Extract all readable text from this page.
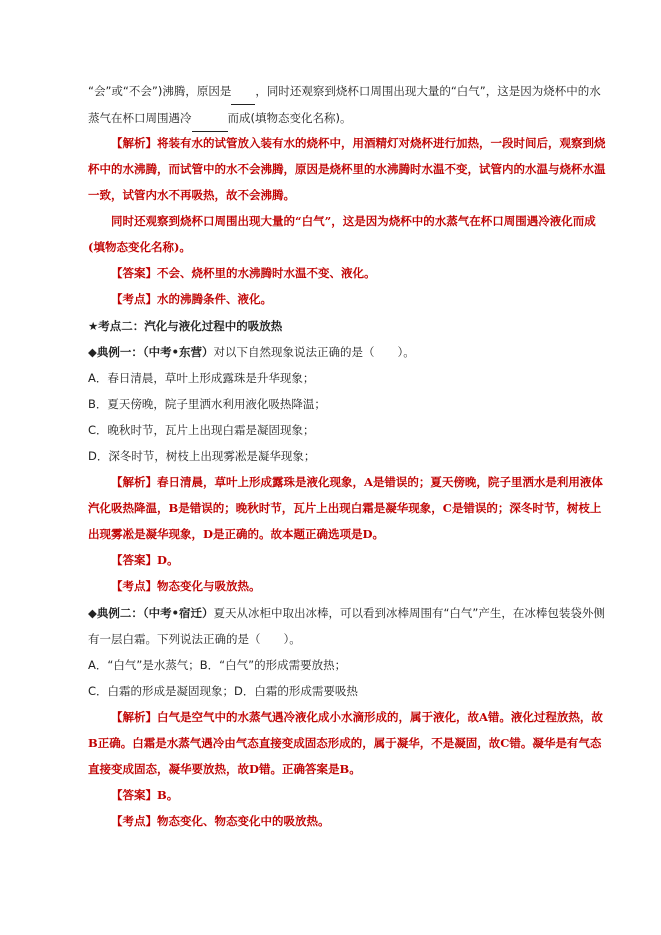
“会”或“不会”)沸腾，原因是 ，同时还观察到烧杯口周围出现大量的“白气”，这是因为烧杯中的水
蒸气在杯口周围遇冷	而成(填物态变化名称)。
【解析】将装有水的试管放入装有水的烧杯中，用酒精灯对烧杯进行加热，一段时间后，观察到烧杯中的水沸腾，而试管中的水不会沸腾，原因是烧杯里的水沸腾时水温不变，试管内的水温与烧杯水温一致，试管内水不再吸热，故不会沸腾。
同时还观察到烧杯口周围出现大量的“白气”，这是因为烧杯中的水蒸气在杯口周围遇冷液化而成(填物态变化名称)。
【答案】不会、烧杯里的水沸腾时水温不变、液化。
【考点】水的沸腾条件、液化。
★考点二：汽化与液化过程中的吸放热
◆典例一：（中考•东营）对以下自然现象说法正确的是（　　）。
A．春日清晨，草叶上形成露珠是升华现象；
B．夏天傍晚，院子里洒水利用液化吸热降温；
C．晚秋时节，瓦片上出现白霜是凝固现象；
D．深冬时节，树枝上出现雾凇是凝华现象；
【解析】春日清晨，草叶上形成露珠是液化现象，A是错误的；夏天傍晚，院子里洒水是利用液体汽化吸热降温，B是错误的；晚秋时节，瓦片上出现白霜是凝华现象，C是错误的；深冬时节，树枝上出现雾凇是凝华现象，D是正确的。故本题正确选项是D。
【答案】D。
【考点】物态变化与吸放热。
◆典例二：（中考•宿迁）夏天从冰柜中取出冰棒，可以看到冰棒周围有“白气”产生，在冰棒包装袋外侧有一层白霜。下列说法正确的是（　　）。
A．“白气”是水蒸气；B．“白气”的形成需要放热；
C．白霜的形成是凝固现象；D．白霜的形成需要吸热
【解析】白气是空气中的水蒸气遇冷液化成小水滴形成的，属于液化，故A错。液化过程放热，故B正确。白霜是水蒸气遇冷由气态直接变成固态形成的，属于凝华，不是凝固，故C错。凝华是有气态直接变成固态，凝华要放热，故D错。正确答案是B。
【答案】B。
【考点】物态变化、物态变化中的吸放热。
